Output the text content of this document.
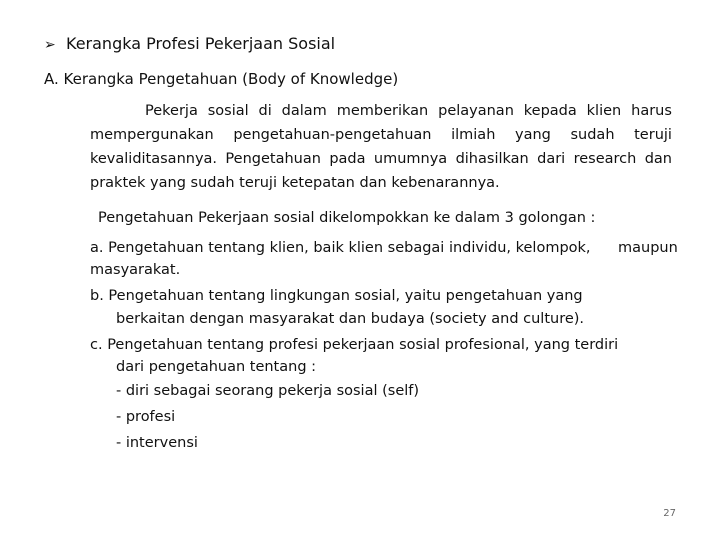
➢ Kerangka Profesi Pekerjaan Sosial
A. Kerangka Pengetahuan (Body of Knowledge)
Pekerja sosial di dalam memberikan pelayanan kepada klien harus
mempergunakan pengetahuan-pengetahuan ilmiah yang sudah teruji
kevaliditasannya. Pengetahuan pada umumnya dihasilkan dari research dan
praktek yang sudah teruji ketepatan dan kebenarannya.
Pengetahuan Pekerjaan sosial dikelompokkan ke dalam 3 golongan :
a. Pengetahuan tentang klien, baik klien sebagai individu, kelompok, maupun
masyarakat.
b. Pengetahuan tentang lingkungan sosial, yaitu pengetahuan yang
berkaitan dengan masyarakat dan budaya (society and culture).
c. Pengetahuan tentang profesi pekerjaan sosial profesional, yang terdiri
dari pengetahuan tentang :
- diri sebagai seorang pekerja sosial (self)
- profesi
- intervensi
27
